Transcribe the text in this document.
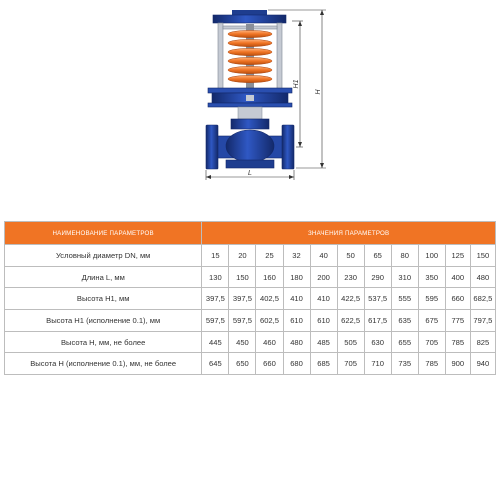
H1
H
L
НАИМЕНОВАНИЕ ПАРАМЕТРОВ	ЗНАЧЕНИЯ ПАРАМЕТРОВ										
Условный диаметр DN, мм	15	20	25	32	40	50	65	80	100	125	150
Длина L, мм	130	150	160	180	200	230	290	310	350	400	480
Высота Н1, мм	397,5	397,5	402,5	410	410	422,5	537,5	555	595	660	682,5
Высота Н1 (исполнение 0.1), мм	597,5	597,5	602,5	610	610	622,5	617,5	635	675	775	797,5
Высота Н, мм, не более	445	450	460	480	485	505	630	655	705	785	825
Высота Н (исполнение 0.1), мм, не более	645	650	660	680	685	705	710	735	785	900	940
